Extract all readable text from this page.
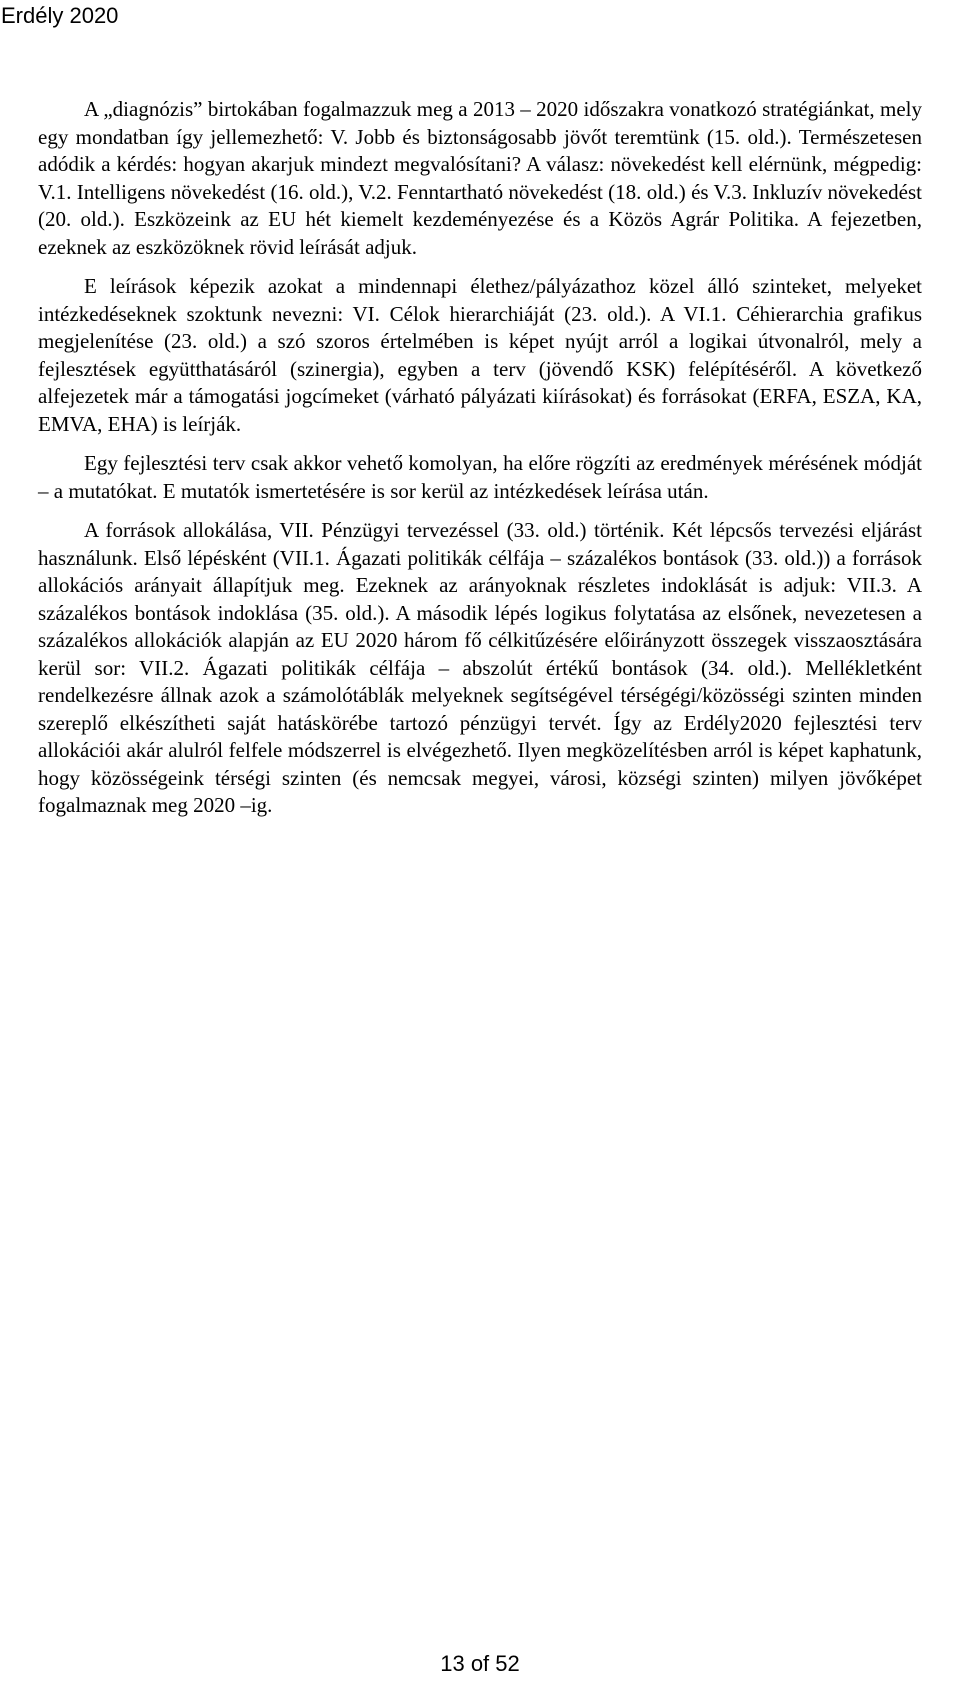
Erdély 2020

A „diagnózis” birtokában fogalmazzuk meg a 2013 – 2020 időszakra vonatkozó stratégiánkat, mely egy mondatban így jellemezhető: V. Jobb és biztonságosabb jövőt teremtünk (15. old.). Természetesen adódik a kérdés: hogyan akarjuk mindezt megvalósítani? A válasz: növekedést kell elérnünk, mégpedig: V.1. Intelligens növekedést (16. old.), V.2. Fenntartható növekedést (18. old.) és V.3. Inkluzív növekedést (20. old.). Eszközeink az EU hét kiemelt kezdeményezése és a Közös Agrár Politika. A fejezetben, ezeknek az eszközöknek rövid leírását adjuk.

E leírások képezik azokat a mindennapi élethez/pályázathoz közel álló szinteket, melyeket intézkedéseknek szoktunk nevezni: VI. Célok hierarchiáját (23. old.). A VI.1. Céhierarchia grafikus megjelenítése (23. old.) a szó szoros értelmében is képet nyújt arról a logikai útvonalról, mely a fejlesztések együtthatásáról (szinergia), egyben a terv (jövendő KSK) felépítéséről. A következő alfejezetek már a támogatási jogcímeket (várható pályázati kiírásokat) és forrásokat (ERFA, ESZA, KA, EMVA, EHA) is leírják.

Egy fejlesztési terv csak akkor vehető komolyan, ha előre rögzíti az eredmények mérésének módját – a mutatókat. E mutatók ismertetésére is sor kerül az intézkedések leírása után.

A források allokálása, VII. Pénzügyi tervezéssel (33. old.) történik. Két lépcsős tervezési eljárást használunk. Első lépésként (VII.1. Ágazati politikák célfája – százalékos bontások (33. old.)) a források allokációs arányait állapítjuk meg. Ezeknek az arányoknak részletes indoklását is adjuk: VII.3. A százalékos bontások indoklása (35. old.). A második lépés logikus folytatása az elsőnek, nevezetesen a százalékos allokációk alapján az EU 2020 három fő célkitűzésére előirányzott összegek visszaosztására kerül sor: VII.2. Ágazati politikák célfája – abszolút értékű bontások (34. old.). Mellékletként rendelkezésre állnak azok a számolótáblák melyeknek segítségével térségégi/közösségi szinten minden szereplő elkészítheti saját hatáskörébe tartozó pénzügyi tervét. Így az Erdély2020 fejlesztési terv allokációi akár alulról felfele módszerrel is elvégezhető. Ilyen megközelítésben arról is képet kaphatunk, hogy közösségeink térségi szinten (és nemcsak megyei, városi, községi szinten) milyen jövőképet fogalmaznak meg 2020 –ig.

13 of 52
